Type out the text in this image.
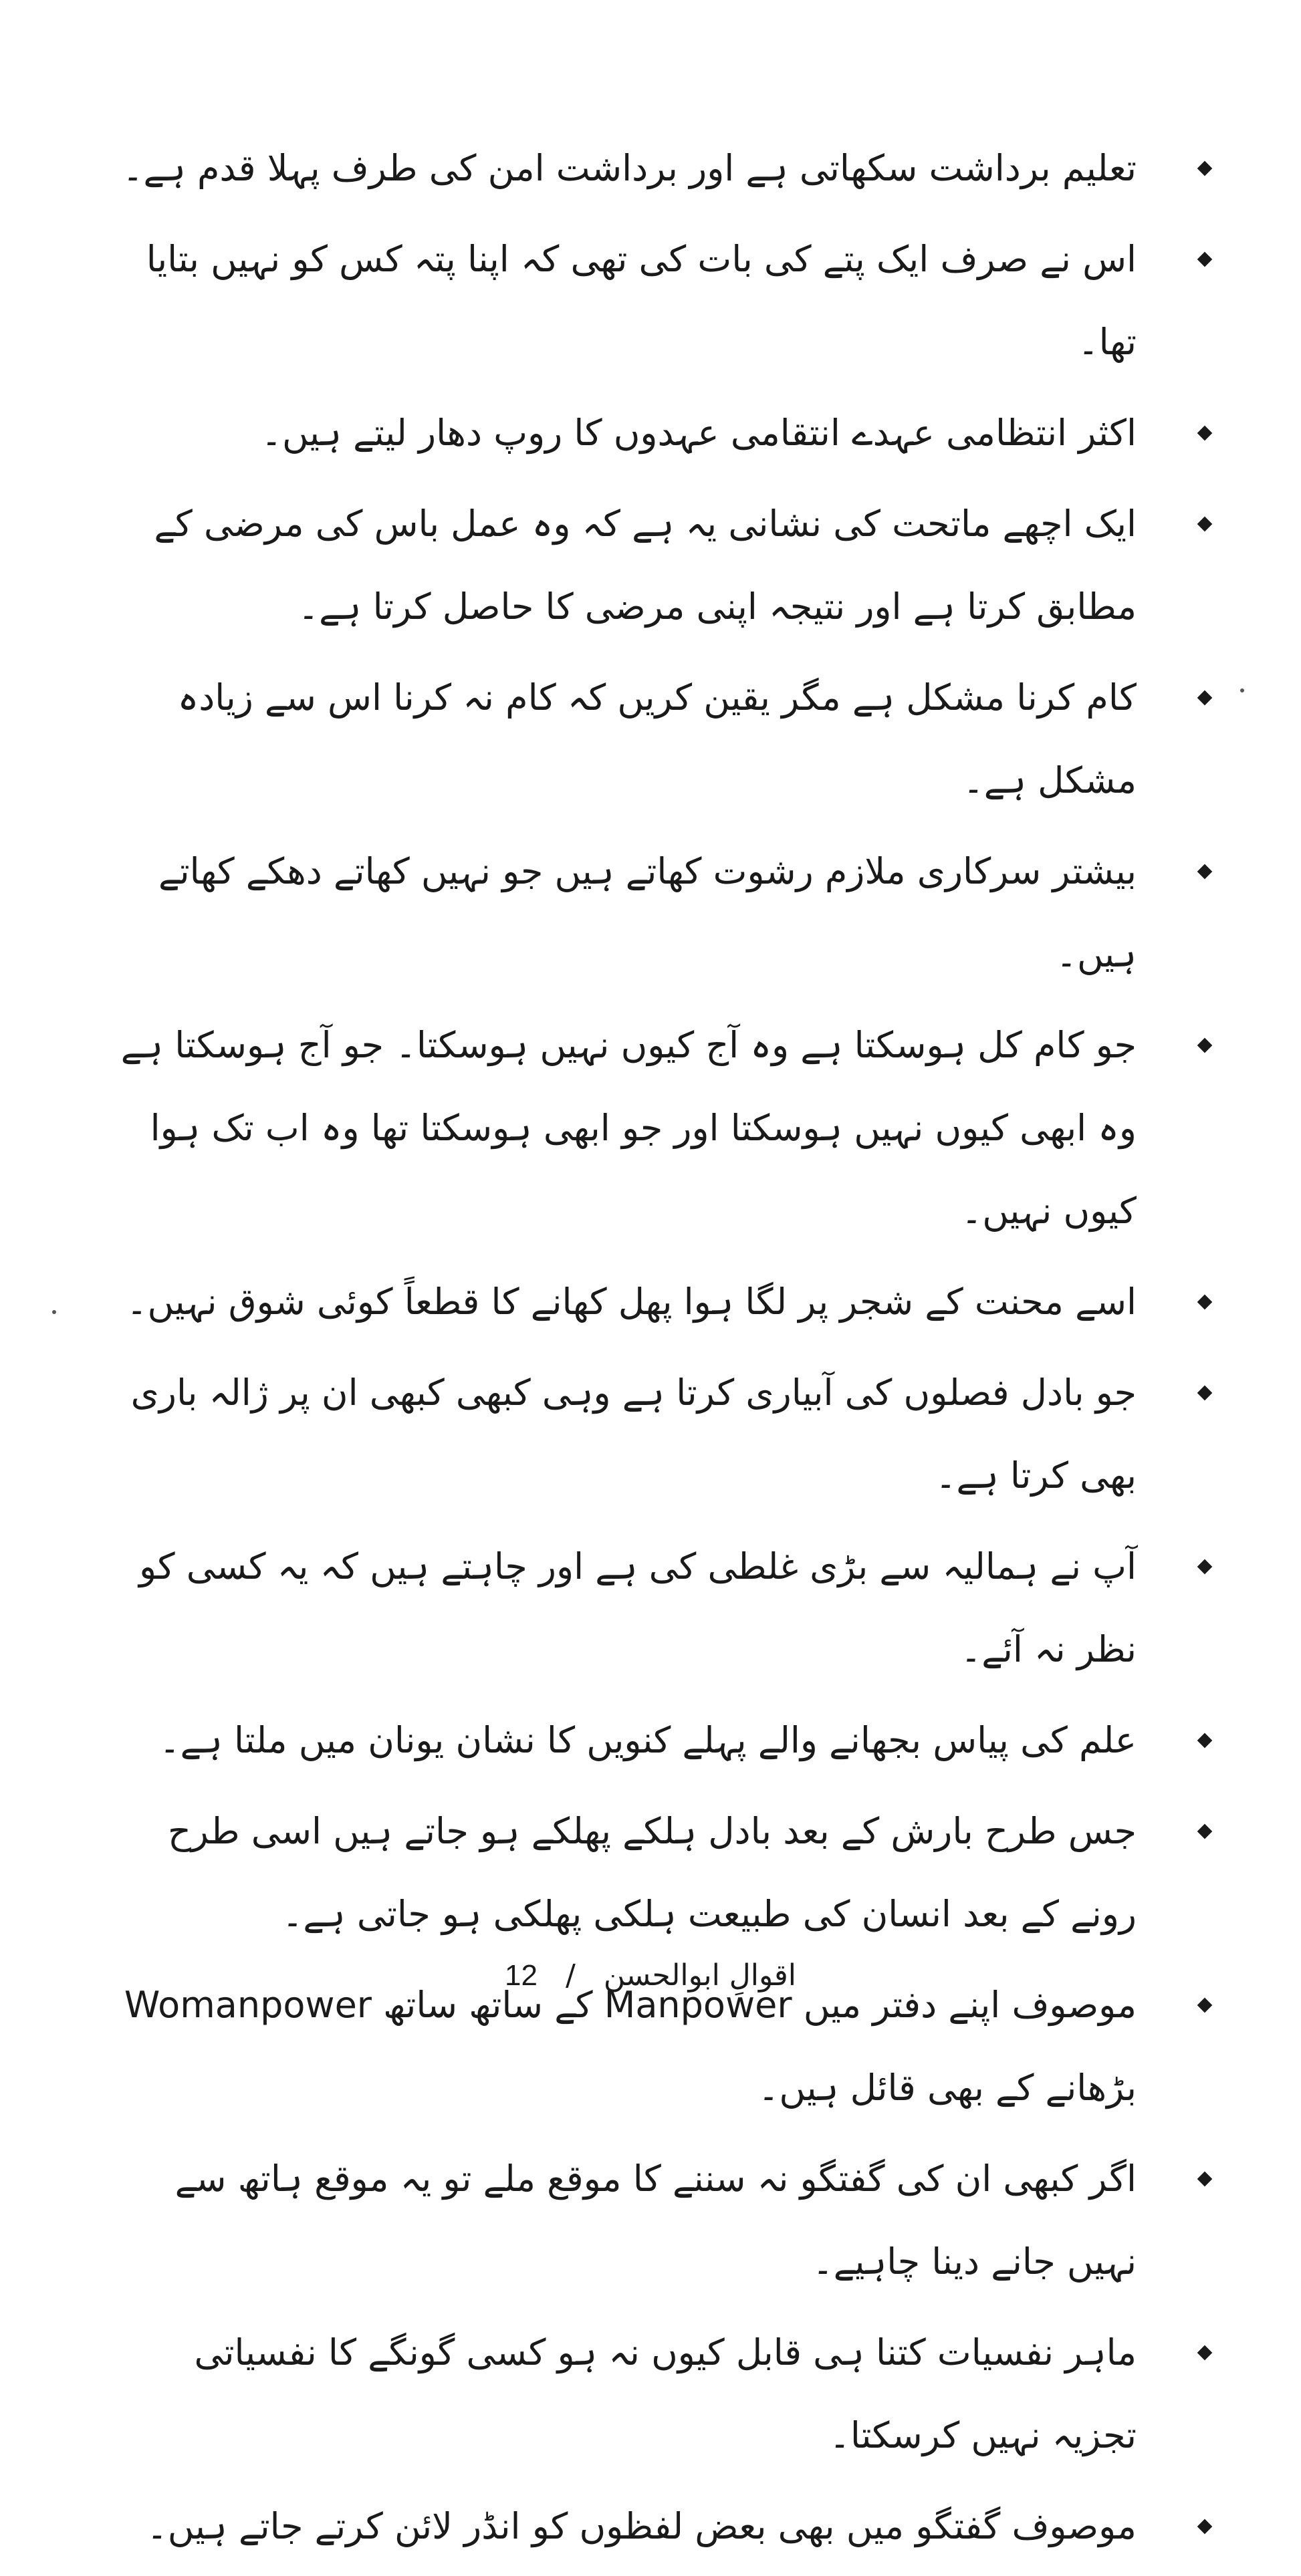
تعلیم برداشت سکھاتی ہے اور برداشت امن کی طرف پہلا قدم ہے۔
اس نے صرف ایک پتے کی بات کی تھی کہ اپنا پتہ کس کو نہیں بتایا تھا۔
اکثر انتظامی عہدے انتقامی عہدوں کا روپ دھار لیتے ہیں۔
ایک اچھے ماتحت کی نشانی یہ ہے کہ وہ عمل باس کی مرضی کے مطابق کرتا ہے اور نتیجہ اپنی مرضی کا حاصل کرتا ہے۔
کام کرنا مشکل ہے مگر یقین کریں کہ کام نہ کرنا اس سے زیادہ مشکل ہے۔
بیشتر سرکاری ملازم رشوت کھاتے ہیں جو نہیں کھاتے دھکے کھاتے ہیں۔
جو کام کل ہوسکتا ہے وہ آج کیوں نہیں ہوسکتا۔ جو آج ہوسکتا ہے وہ ابھی کیوں نہیں ہوسکتا اور جو ابھی ہوسکتا تھا وہ اب تک ہوا کیوں نہیں۔
اسے محنت کے شجر پر لگا ہوا پھل کھانے کا قطعاً کوئی شوق نہیں۔
جو بادل فصلوں کی آبیاری کرتا ہے وہی کبھی کبھی ان پر ژالہ باری بھی کرتا ہے۔
آپ نے ہمالیہ سے بڑی غلطی کی ہے اور چاہتے ہیں کہ یہ کسی کو نظر نہ آئے۔
علم کی پیاس بجھانے والے پہلے کنویں کا نشان یونان میں ملتا ہے۔
جس طرح بارش کے بعد بادل ہلکے پھلکے ہو جاتے ہیں اسی طرح رونے کے بعد انسان کی طبیعت ہلکی پھلکی ہو جاتی ہے۔
موصوف اپنے دفتر میں Manpower کے ساتھ ساتھ Womanpower بڑھانے کے بھی قائل ہیں۔
اگر کبھی ان کی گفتگو نہ سننے کا موقع ملے تو یہ موقع ہاتھ سے نہیں جانے دینا چاہیے۔
ماہر نفسیات کتنا ہی قابل کیوں نہ ہو کسی گونگے کا نفسیاتی تجزیہ نہیں کرسکتا۔
موصوف گفتگو میں بھی بعض لفظوں کو انڈر لائن کرتے جاتے ہیں۔
12 / اقوالِ ابوالحسن
